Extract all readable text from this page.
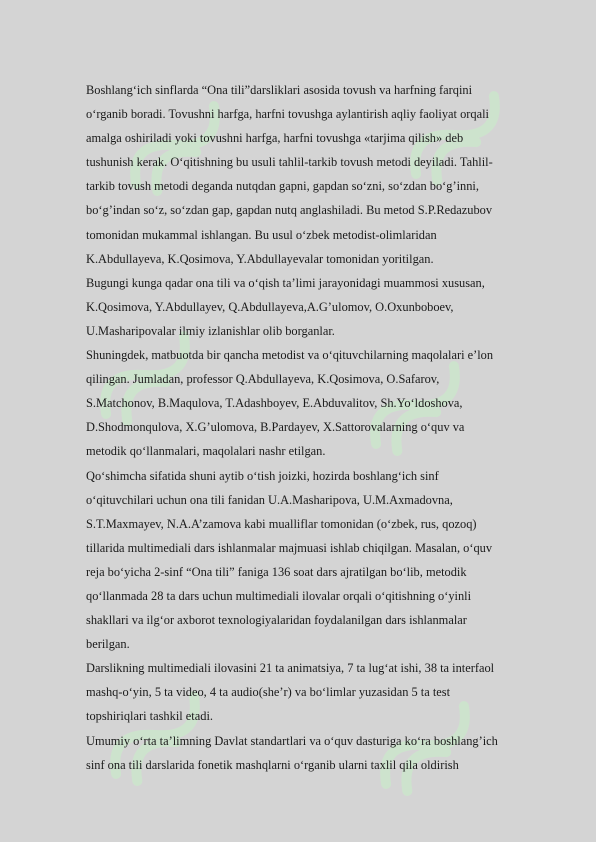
Boshlang‘ich sinflarda “Ona tili”darsliklari asosida tovush va harfning farqini
o‘rganib boradi. Tovushni harfga, harfni tovushga aylantirish aqliy faoliyat orqali
amalga oshiriladi yoki tovushni harfga, harfni tovushga «tarjima qilish» deb
tushunish kerak. O‘qitishning bu usuli tahlil-tarkib tovush metodi deyiladi. Tahlil-
tarkib tovush metodi deganda nutqdan gapni, gapdan so‘zni, so‘zdan bo‘g’inni,
bo‘g’indan so‘z, so‘zdan gap, gapdan nutq anglashiladi. Bu metod S.P.Redazubov
tomonidan mukammal ishlangan. Bu usul o‘zbek metodist-olimlaridan
K.Abdullayeva, K.Qosimova, Y.Abdullayevalar tomonidan yoritilgan.
Bugungi kunga qadar ona tili va o‘qish ta’limi jarayonidagi muammosi xususan,
K.Qosimova, Y.Abdullayev, Q.Abdullayeva,A.G’ulomov, O.Oxunboboev,
U.Masharipovalar ilmiy izlanishlar olib borganlar.
Shuningdek, matbuotda bir qancha metodist va o‘qituvchilarning maqolalari e’lon
qilingan. Jumladan, professor Q.Abdullayeva, K.Qosimova, O.Safarov,
S.Matchonov, B.Maqulova, T.Adashboyev, E.Abduvalitov, Sh.Yo‘ldoshova,
D.Shodmonqulova, X.G’ulomova, B.Pardayev, X.Sattorovalarning o‘quv va
metodik qo‘llanmalari, maqolalari nashr etilgan.
Qo‘shimcha sifatida shuni aytib o‘tish joizki, hozirda boshlang‘ich sinf
o‘qituvchilari uchun ona tili fanidan U.A.Masharipova, U.M.Axmadovna,
S.T.Maxmayev, N.A.A’zamova kabi mualliflar tomonidan (o‘zbek, rus, qozoq)
tillarida multimediali dars ishlanmalar majmuasi ishlab chiqilgan. Masalan, o‘quv
reja bo‘yicha 2-sinf “Ona tili” faniga 136 soat dars ajratilgan bo‘lib, metodik
qo‘llanmada 28 ta dars uchun multimediali ilovalar orqali o‘qitishning o‘yinli
shakllari va ilg‘or axborot texnologiyalaridan foydalanilgan dars ishlanmalar
berilgan.
Darslikning multimediali ilovasini 21 ta animatsiya, 7 ta lug‘at ishi, 38 ta interfaol
mashq-o‘yin, 5 ta video, 4 ta audio(she’r) va bo‘limlar yuzasidan 5 ta test
topshiriqlari tashkil etadi.
Umumiy o‘rta ta’limning Davlat standartlari va o‘quv dasturiga ko‘ra boshlang’ich
sinf ona tili darslarida fonetik mashqlarni o‘rganib ularni taxlil qila oldirish
